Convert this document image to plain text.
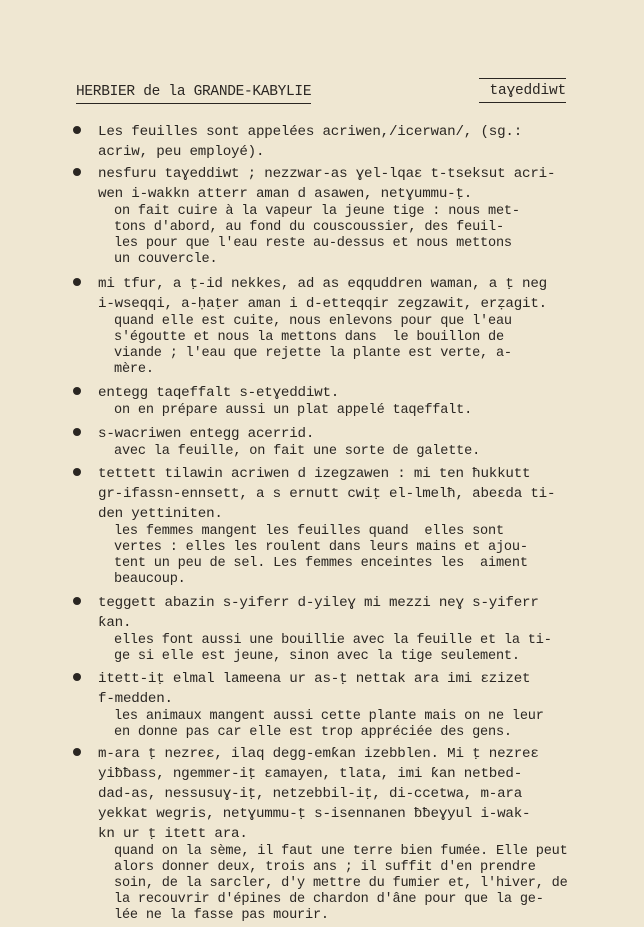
HERBIER de la GRANDE-KABYLIE	taɣeddiwt

Les feuilles sont appelées acriwen,/icerwan/, (sg.:
acriw, peu employé).

nesfuru taɣeddiwt ; nezzwar-as ɣel-lqaɛ t-tseksut acri-
wen i-wakkn atterr aman d asawen, netɣummu-ṭ.

on fait cuire à la vapeur la jeune tige : nous met-
tons d'abord, au fond du couscoussier, des feuil-
les pour que l'eau reste au-dessus et nous mettons
un couvercle.

mi tfur, a ṭ-id nekkes, ad as eqquddren waman, a ṭ neg
i-wseqqi, a-ḥaṭer aman i d-etteqqir zegzawit, erẓagit.

quand elle est cuite, nous enlevons pour que l'eau
s'égoutte et nous la mettons dans  le bouillon de
viande ; l'eau que rejette la plante est verte, a-
mère.

entegg taqeffalt s-etɣeddiwt.

on en prépare aussi un plat appelé taqeffalt.

s-wacriwen entegg acerrid.

avec la feuille, on fait une sorte de galette.

tettett tilawin acriwen d izegzawen : mi ten ħukkutt
gr-ifassn-ennsett, a s ernutt cwiṭ el-lmelħ, abeɛda ti-
den yettiniten.

les femmes mangent les feuilles quand  elles sont
vertes : elles les roulent dans leurs mains et ajou-
tent un peu de sel. Les femmes enceintes les  aiment
beaucoup.

teggett abazin s-yiferr d-yileɣ mi mezzi neɣ s-yiferr ƙan.

elles font aussi une bouillie avec la feuille et la ti-
ge si elle est jeune, sinon avec la tige seulement.

itett-iṭ elmal lameena ur as-ṭ nettak ara imi ɛzizet
f-medden.

les animaux mangent aussi cette plante mais on ne leur
en donne pas car elle est trop appréciée des gens.

m-ara ṭ nezreɛ, ilaq degg-emƙan izebblen. Mi ṭ nezreɛ
yiƀƀass, ngemmer-iṭ ɛamayen, tlata, imi ƙan netbed-
dad-as, nessusuɣ-iṭ, netzebbil-iṭ, di-ccetwa, m-ara
yekkat wegris, netɣummu-ṭ s-isennanen ƀƀeɣyul i-wak-
kn ur ṭ itett ara.

quand on la sème, il faut une terre bien fumée. Elle peut
alors donner deux, trois ans ; il suffit d'en prendre
soin, de la sarcler, d'y mettre du fumier et, l'hiver, de
la recouvrir d'épines de chardon d'âne pour que la ge-
lée ne la fasse pas mourir.
